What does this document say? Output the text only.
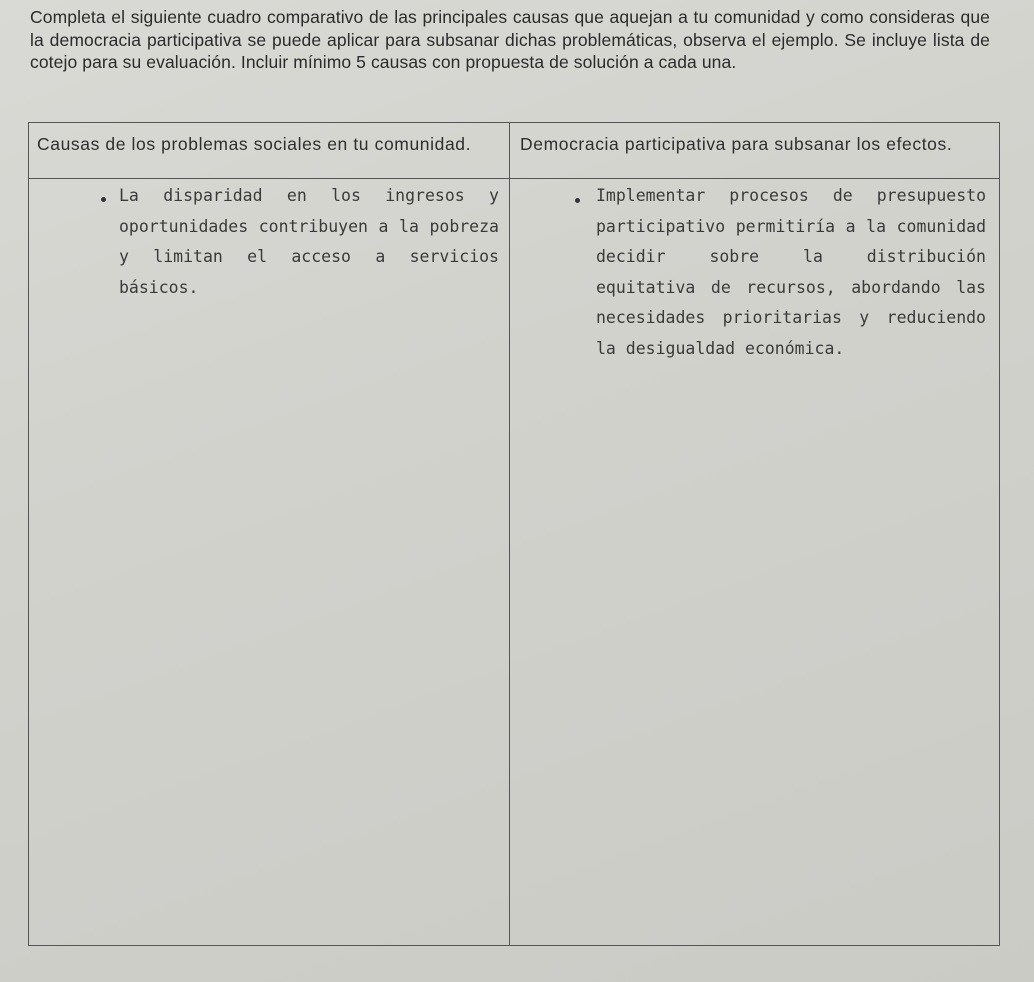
Completa el siguiente cuadro comparativo de las principales causas que aquejan a tu comunidad y como consideras que la democracia participativa se puede aplicar para subsanar dichas problemáticas, observa el ejemplo. Se incluye lista de cotejo para su evaluación. Incluir mínimo 5 causas con propuesta de solución a cada una.
Causas de los problemas sociales en tu comunidad.	Democracia participativa para subsanar los efectos.
La disparidad en los ingresos y oportunidades contribuyen a la pobreza y limitan el acceso a servicios básicos.
Implementar procesos de presupuesto participativo permitiría a la comunidad decidir sobre la distribución equitativa de recursos, abordando las necesidades prioritarias y reduciendo la desigualdad económica.
